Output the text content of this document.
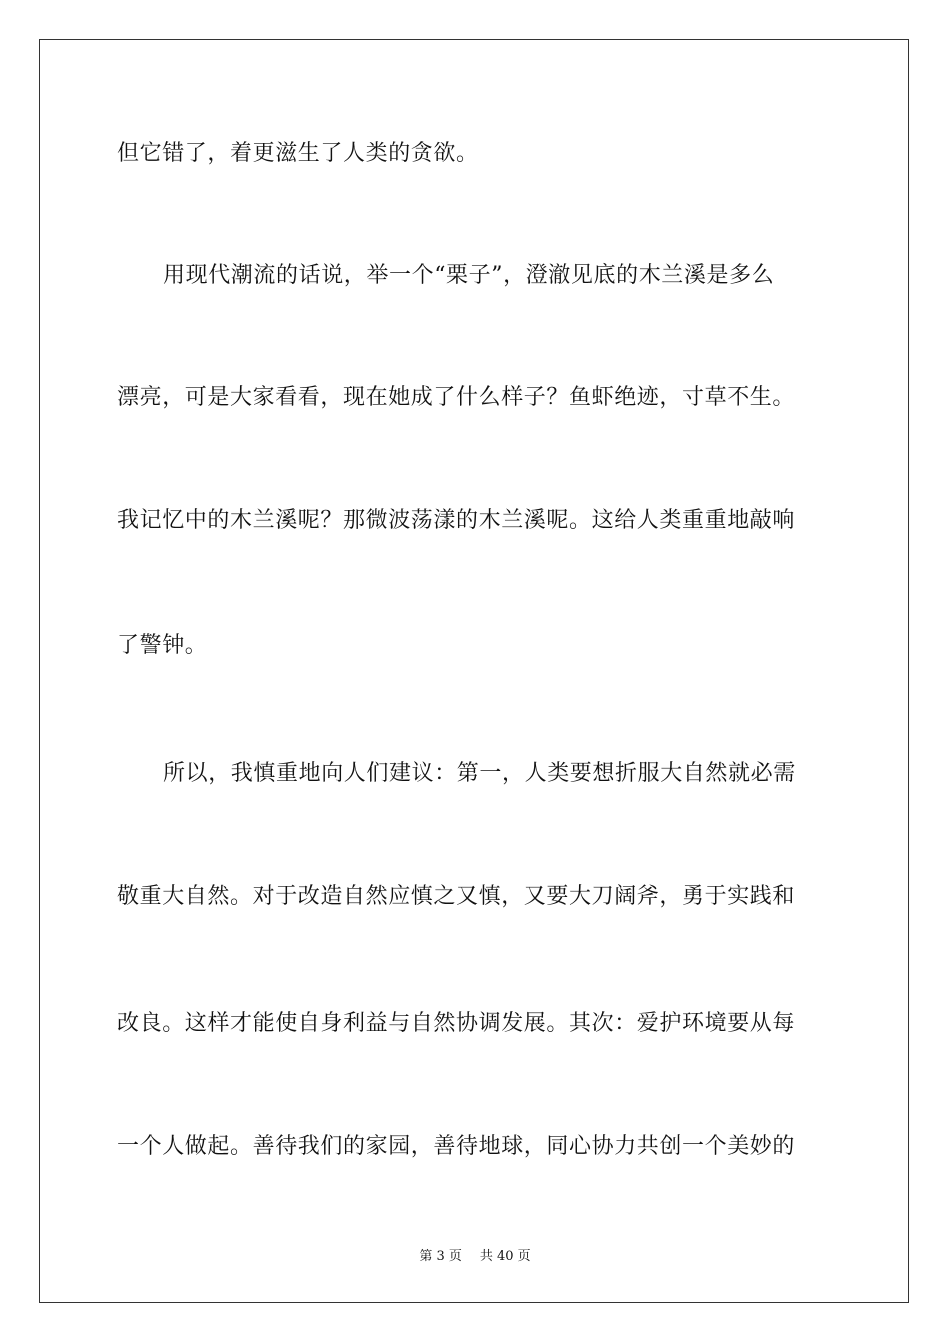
但它错了，着更滋生了人类的贪欲。
用现代潮流的话说，举一个“栗子”，澄澈见底的木兰溪是多么
漂亮，可是大家看看，现在她成了什么样子？鱼虾绝迹，寸草不生。
我记忆中的木兰溪呢？那微波荡漾的木兰溪呢。这给人类重重地敲响
了警钟。
所以，我慎重地向人们建议：第一，人类要想折服大自然就必需
敬重大自然。对于改造自然应慎之又慎，又要大刀阔斧，勇于实践和
改良。这样才能使自身利益与自然协调发展。其次：爱护环境要从每
一个人做起。善待我们的家园，善待地球，同心协力共创一个美妙的
第 3 页 共 40 页
